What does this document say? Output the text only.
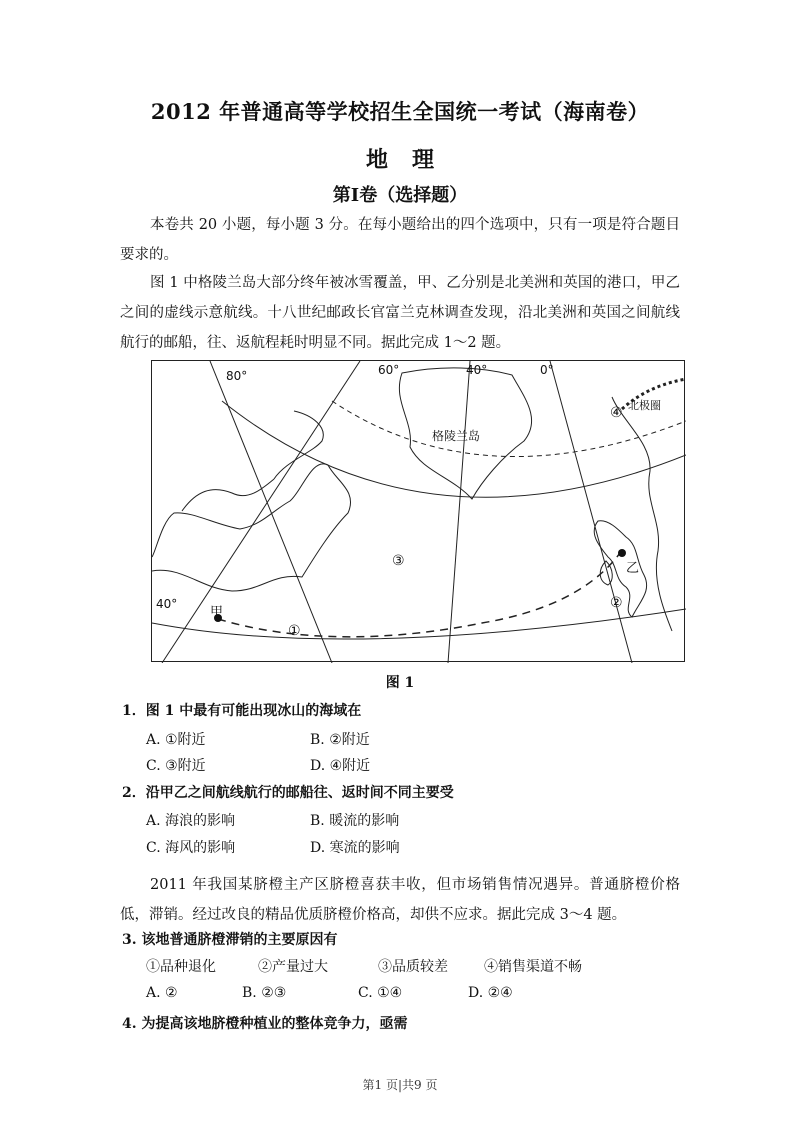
2012 年普通高等学校招生全国统一考试（海南卷）
地理
第Ⅰ卷（选择题）
本卷共 20 小题，每小题 3 分。在每小题给出的四个选项中，只有一项是符合题目要求的。
图 1 中格陵兰岛大部分终年被冰雪覆盖，甲、乙分别是北美洲和英国的港口，甲乙之间的虚线示意航线。十八世纪邮政长官富兰克林调查发现，沿北美洲和英国之间航线航行的邮船，往、返航程耗时明显不同。据此完成 1～2 题。
80°	60°	40°	0°
40°
格陵兰岛
北极圈
甲
乙
①
②
③
④
图 1
1．图 1 中最有可能出现冰山的海域在
A. ①附近	B. ②附近
C. ③附近	D. ④附近
2．沿甲乙之间航线航行的邮船往、返时间不同主要受
A. 海浪的影响	B. 暖流的影响
C. 海风的影响	D. 寒流的影响
2011 年我国某脐橙主产区脐橙喜获丰收，但市场销售情况遇异。普通脐橙价格低，滞销。经过改良的精品优质脐橙价格高，却供不应求。据此完成 3～4 题。
3. 该地普通脐橙滞销的主要原因有
①品种退化	②产量过大	③品质较差	④销售渠道不畅
A. ②	B. ②③	C. ①④	D. ②④
4. 为提高该地脐橙种植业的整体竞争力，亟需
第1 页|共9 页
